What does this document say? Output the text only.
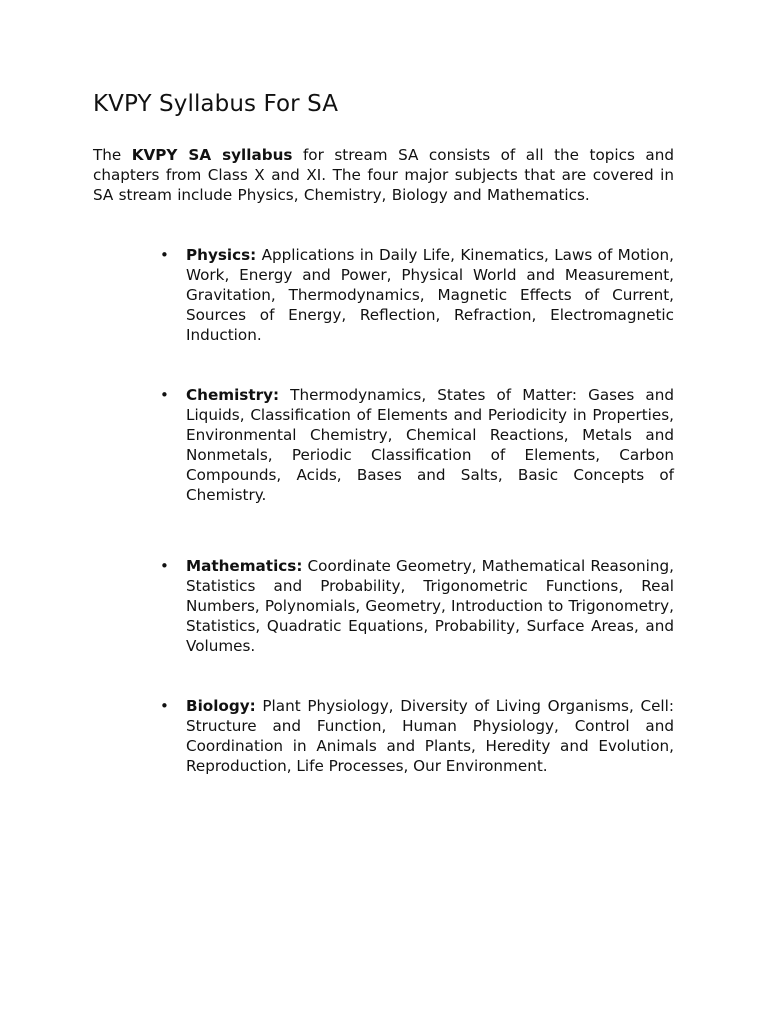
KVPY Syllabus For SA

The KVPY SA syllabus for stream SA consists of all the topics and chapters from Class X and XI. The four major subjects that are covered in SA stream include Physics, Chemistry, Biology and Mathematics.

• Physics: Applications in Daily Life, Kinematics, Laws of Motion, Work, Energy and Power, Physical World and Measurement, Gravitation, Thermodynamics, Magnetic Effects of Current, Sources of Energy, Reflection, Refraction, Electromagnetic Induction.
• Chemistry: Thermodynamics, States of Matter: Gases and Liquids, Classification of Elements and Periodicity in Properties, Environmental Chemistry, Chemical Reactions, Metals and Nonmetals, Periodic Classification of Elements, Carbon Compounds, Acids, Bases and Salts, Basic Concepts of Chemistry.
• Mathematics: Coordinate Geometry, Mathematical Reasoning, Statistics and Probability, Trigonometric Functions, Real Numbers, Polynomials, Geometry, Introduction to Trigonometry, Statistics, Quadratic Equations, Probability, Surface Areas, and Volumes.
• Biology: Plant Physiology, Diversity of Living Organisms, Cell: Structure and Function, Human Physiology, Control and Coordination in Animals and Plants, Heredity and Evolution, Reproduction, Life Processes, Our Environment.
